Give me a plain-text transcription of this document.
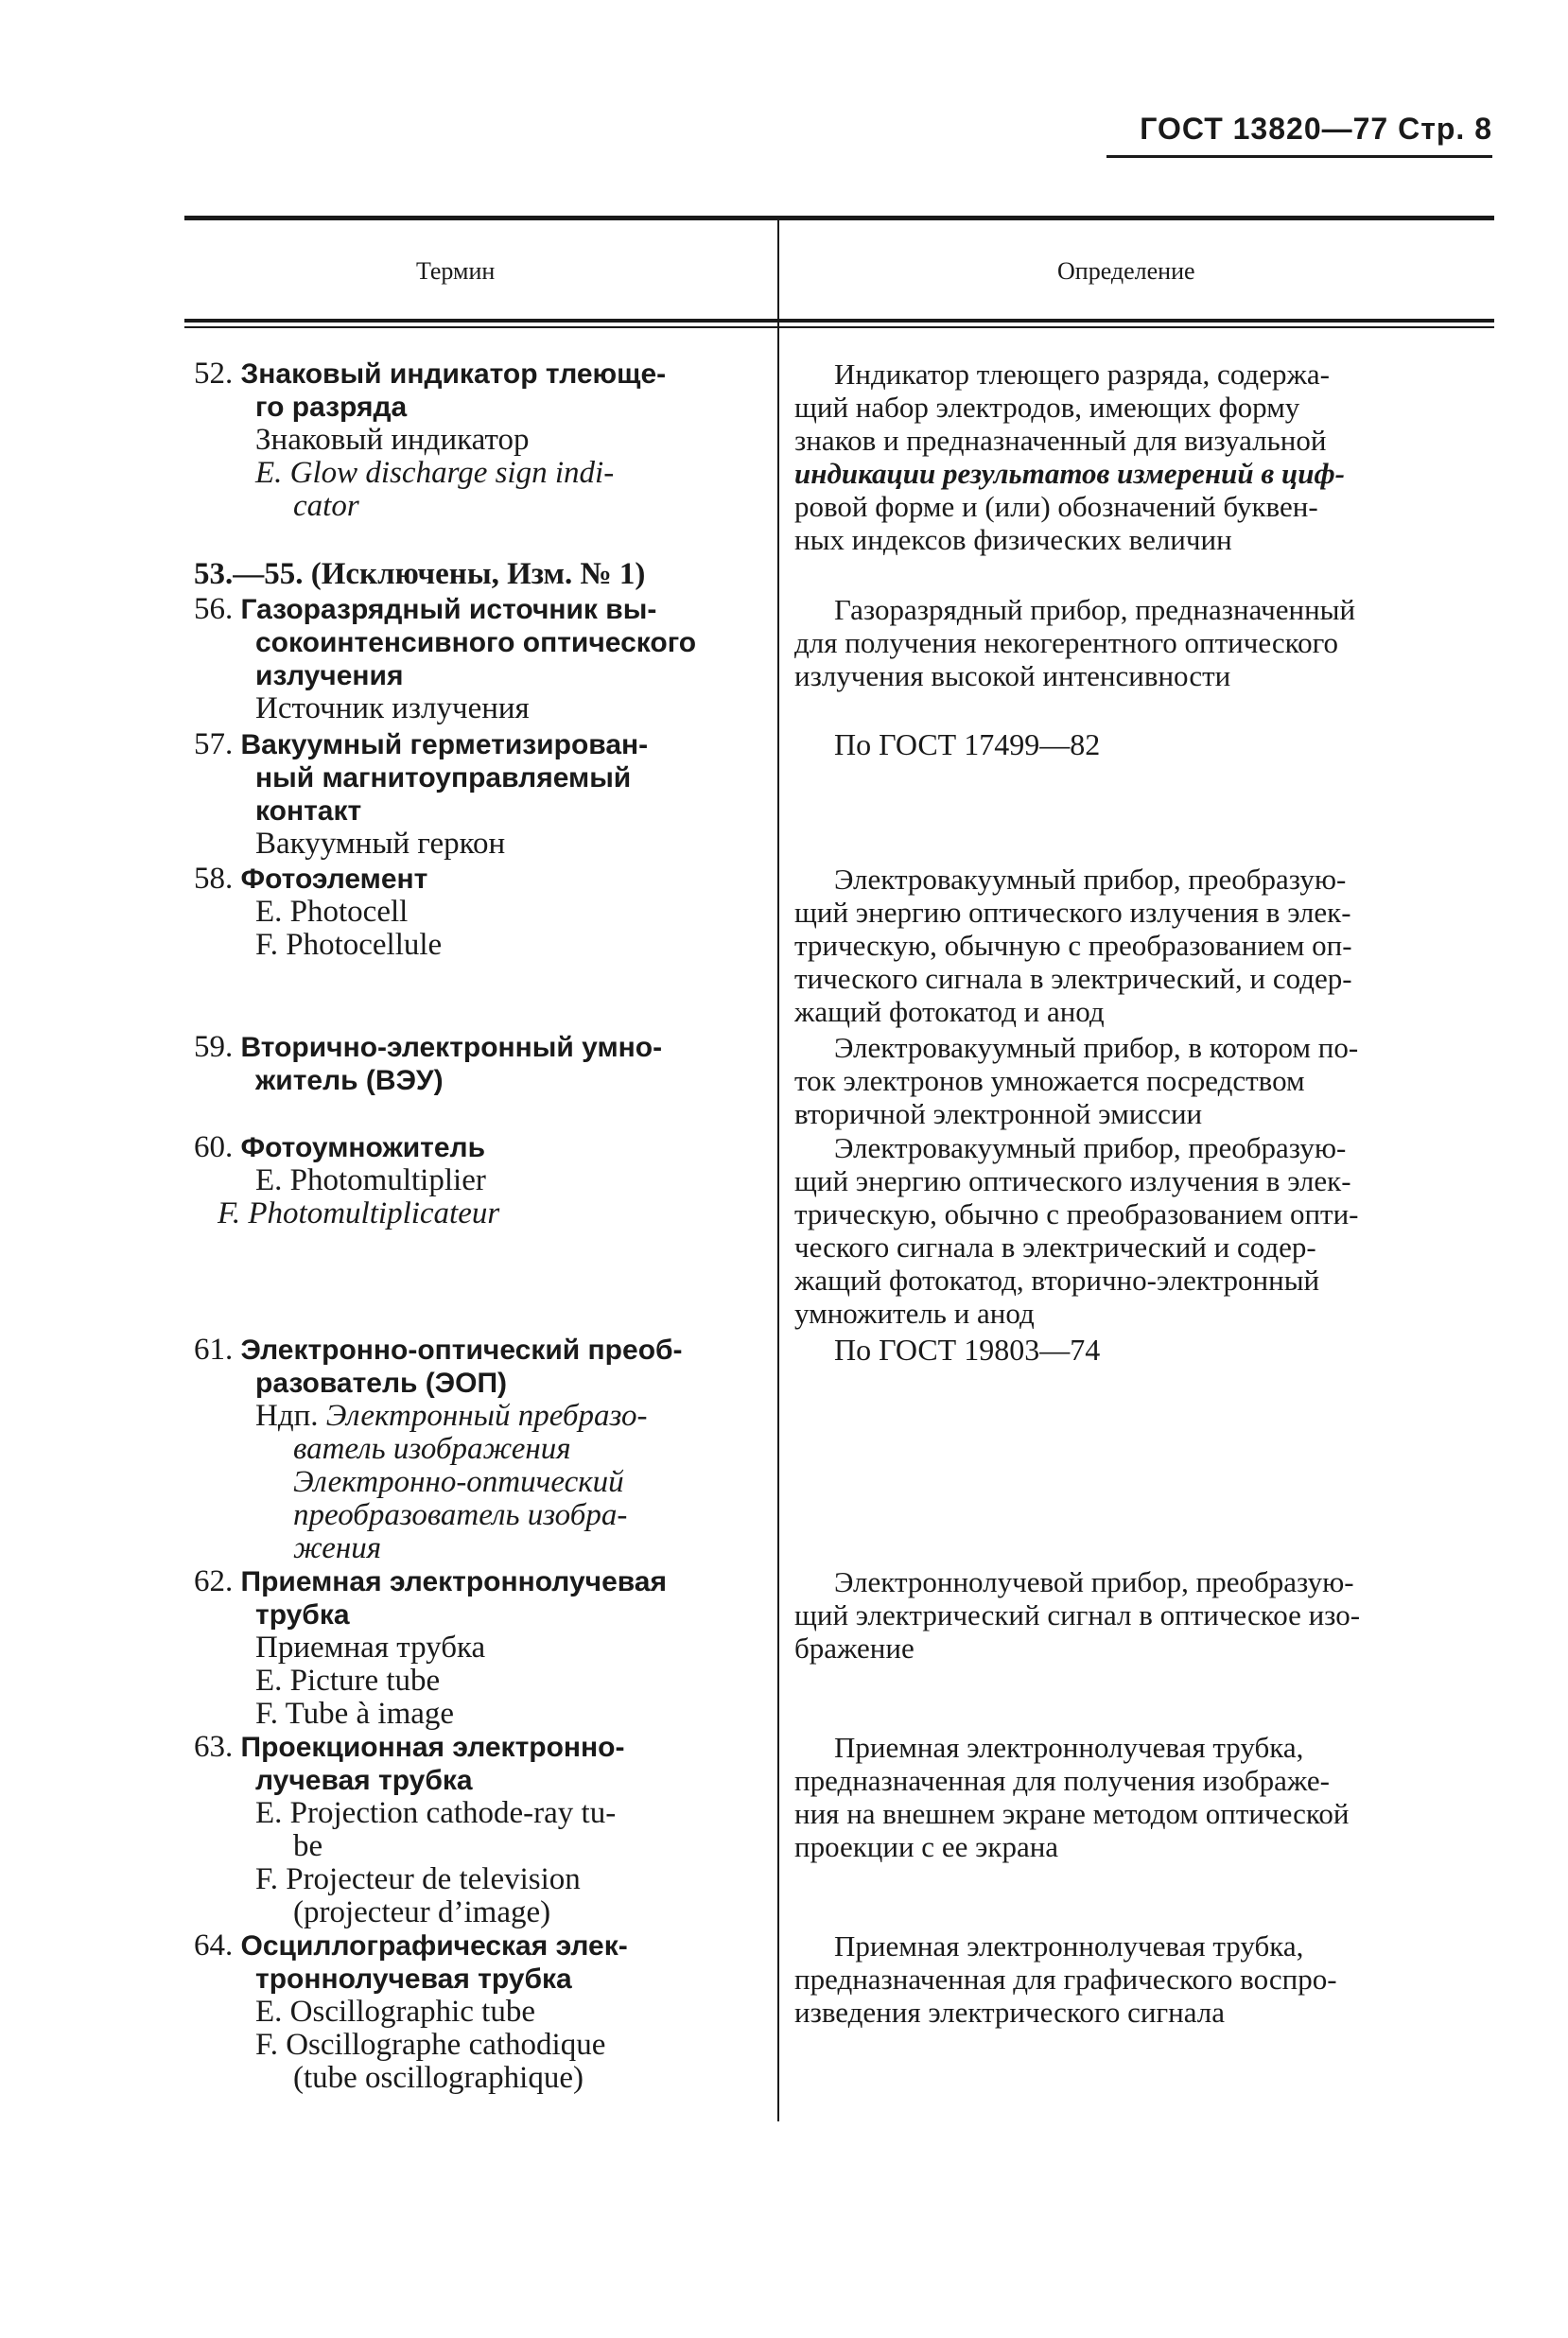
ГОСТ 13820—77 Стр. 8
Термин	Определение
52. Знаковый индикатор тлеюще-
го разряда
Знаковый индикатор
E. Glow discharge sign indi-
cator
Индикатор тлеющего разряда, содержа-
щий набор электродов, имеющих форму
знаков и предназначенный для визуальной
индикации результатов измерений в циф-
ровой форме и (или) обозначений буквен-
ных индексов физических величин
53.—55. (Исключены, Изм. № 1)
56. Газоразрядный источник вы-
сокоинтенсивного оптического
излучения
Источник излучения
Газоразрядный прибор, предназначенный
для получения некогерентного оптического
излучения высокой интенсивности
57. Вакуумный герметизирован-
ный магнитоуправляемый
контакт
Вакуумный геркон
По ГОСТ 17499—82
58. Фотоэлемент
E. Photocell
F. Photocellule
Электровакуумный прибор, преобразую-
щий энергию оптического излучения в элек-
трическую, обычную с преобразованием оп-
тического сигнала в электрический, и содер-
жащий фотокатод и анод
59. Вторично-электронный умно-
житель (ВЭУ)
Электровакуумный прибор, в котором по-
ток электронов умножается посредством
вторичной электронной эмиссии
60. Фотоумножитель
E. Photomultiplier
F. Photomultiplicateur
Электровакуумный прибор, преобразую-
щий энергию оптического излучения в элек-
трическую, обычно с преобразованием опти-
ческого сигнала в электрический и содер-
жащий фотокатод, вторично-электронный
умножитель и анод
61. Электронно-оптический преоб-
разователь (ЭОП)
Ндп. Электронный пребразо-
ватель изображения
Электронно-оптический
преобразователь изобра-
жения
По ГОСТ 19803—74
62. Приемная электроннолучевая
трубка
Приемная трубка
E. Picture tube
F. Tube à image
Электроннолучевой прибор, преобразую-
щий электрический сигнал в оптическое изо-
бражение
63. Проекционная электронно-
лучевая трубка
E. Projection cathode-ray tu-
be
F. Projecteur de television
(projecteur d’image)
Приемная электроннолучевая трубка,
предназначенная для получения изображе-
ния на внешнем экране методом оптической
проекции с ее экрана
64. Осциллографическая элек-
троннолучевая трубка
E. Oscillographic tube
F. Oscillographe cathodique
(tube oscillographique)
Приемная электроннолучевая трубка,
предназначенная для графического воспро-
изведения электрического сигнала
